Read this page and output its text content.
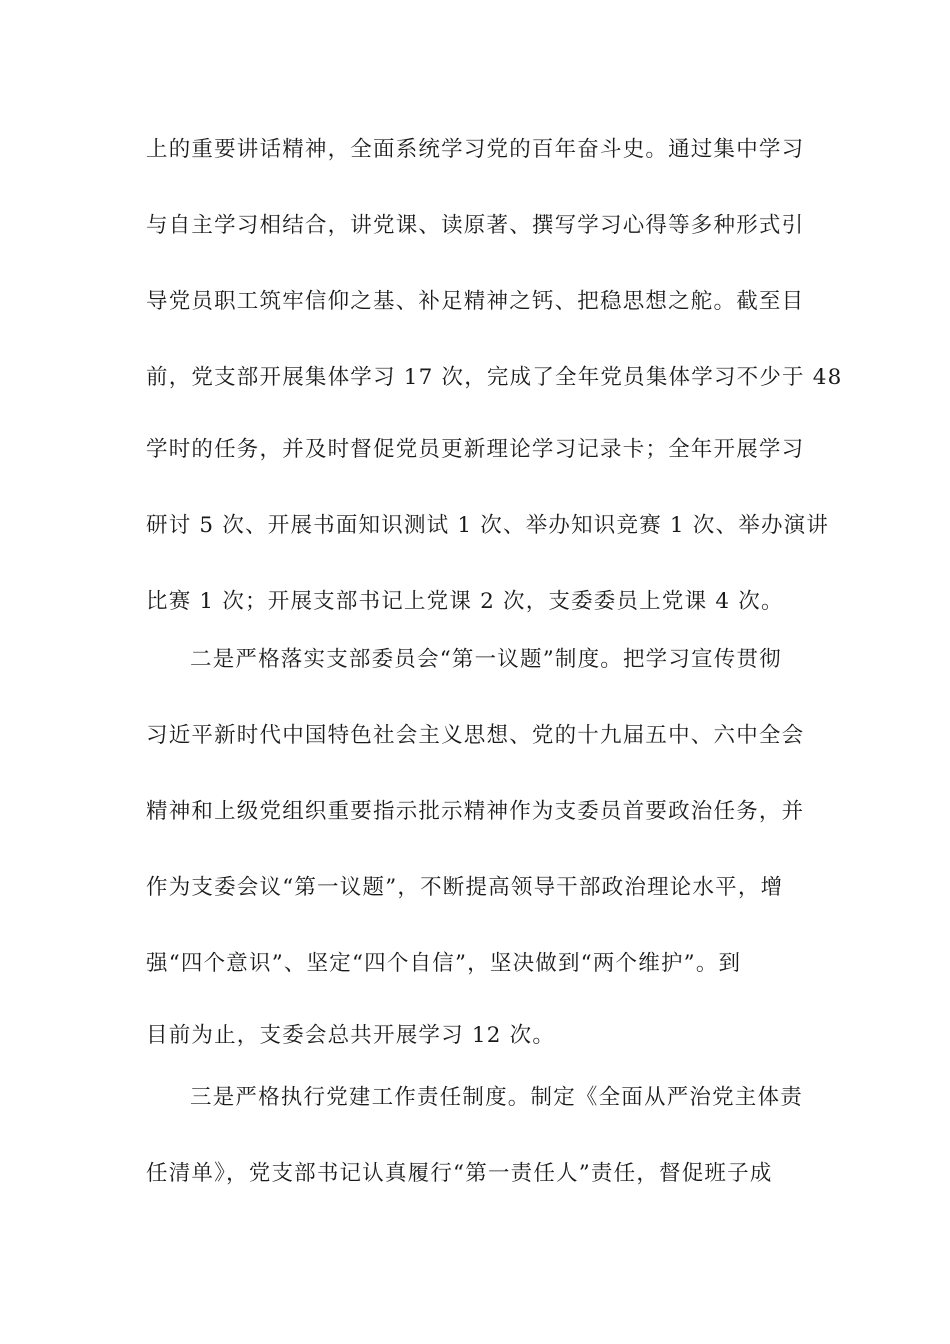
上的重要讲话精神，全面系统学习党的百年奋斗史。通过集中学习
与自主学习相结合，讲党课、读原著、撰写学习心得等多种形式引
导党员职工筑牢信仰之基、补足精神之钙、把稳思想之舵。截至目
前，党支部开展集体学习 17 次，完成了全年党员集体学习不少于 48
学时的任务，并及时督促党员更新理论学习记录卡；全年开展学习
研讨 5 次、开展书面知识测试 1 次、举办知识竞赛 1 次、举办演讲
比赛 1 次；开展支部书记上党课 2 次，支委委员上党课 4 次。
二是严格落实支部委员会“第一议题”制度。把学习宣传贯彻
习近平新时代中国特色社会主义思想、党的十九届五中、六中全会
精神和上级党组织重要指示批示精神作为支委员首要政治任务，并
作为支委会议“第一议题”，不断提高领导干部政治理论水平，增
强“四个意识”、坚定“四个自信”，坚决做到“两个维护”。到
目前为止，支委会总共开展学习 12 次。
三是严格执行党建工作责任制度。制定《全面从严治党主体责
任清单》，党支部书记认真履行“第一责任人”责任，督促班子成
